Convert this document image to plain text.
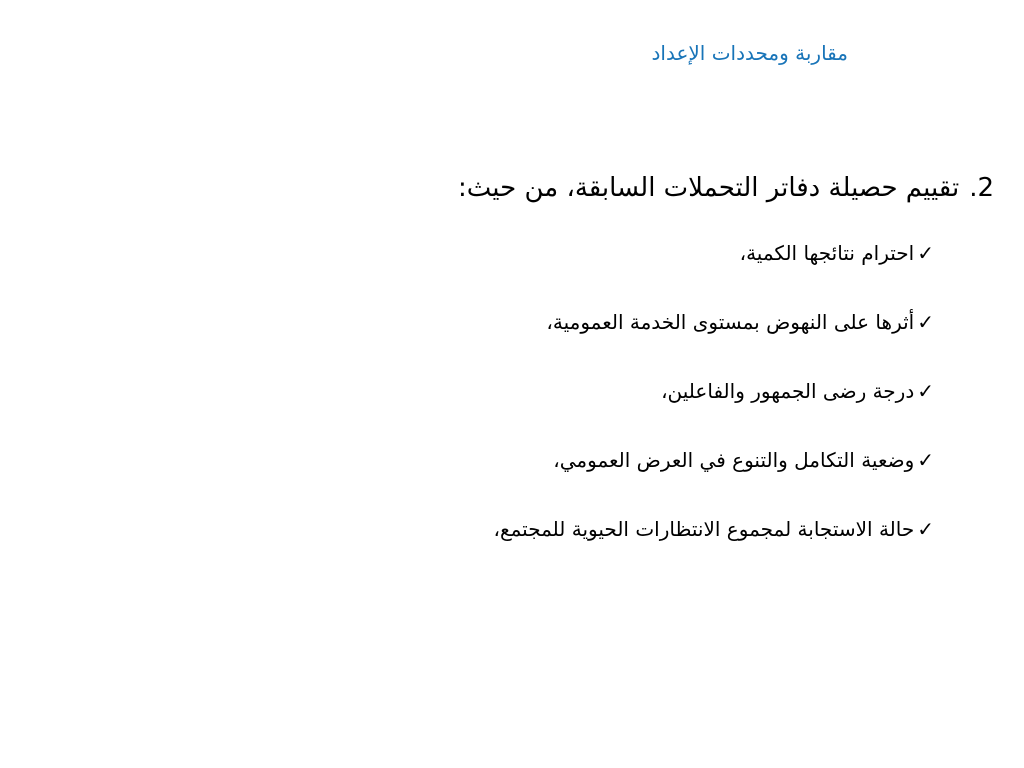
مقاربة ومحددات الإعداد
2.تقييم حصيلة دفاتر التحملات السابقة، من حيث:
✓احترام نتائجها الكمية،
✓أثرها على النهوض بمستوى الخدمة العمومية،
✓درجة رضى الجمهور والفاعلين،
✓وضعية التكامل والتنوع في العرض العمومي،
✓حالة الاستجابة لمجموع الانتظارات الحيوية للمجتمع،
